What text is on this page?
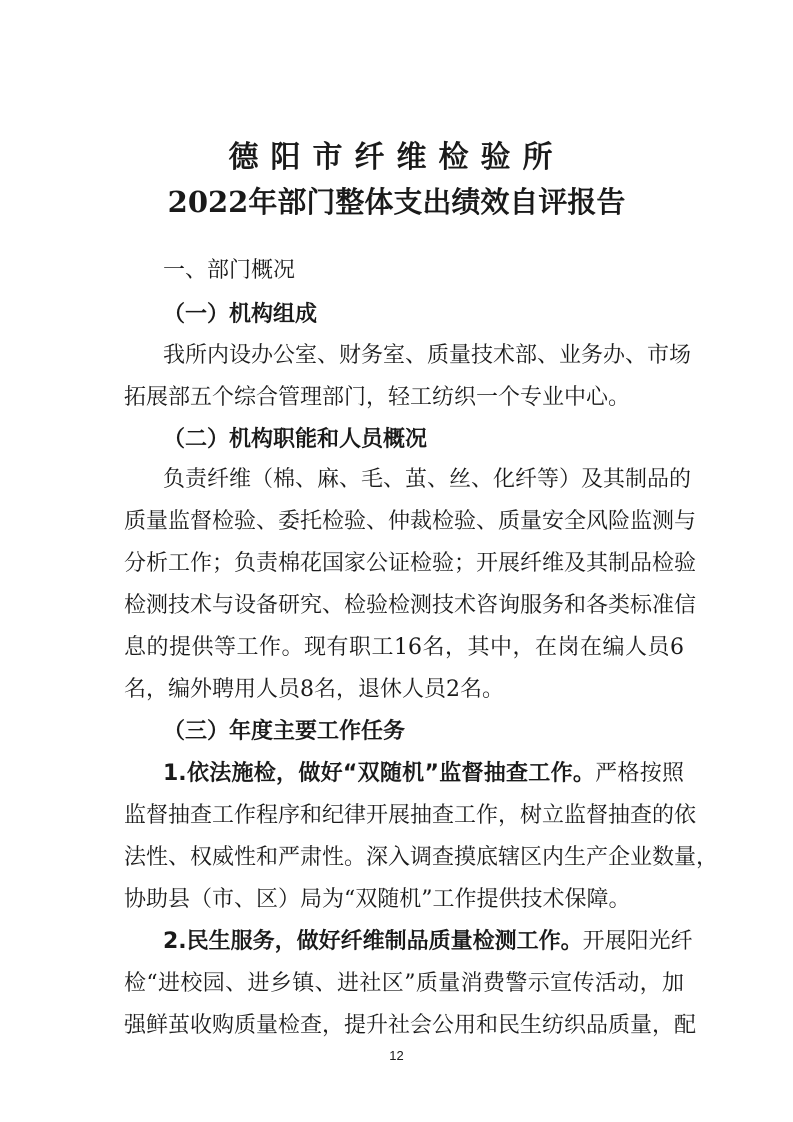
德阳市纤维检验所
2022年部门整体支出绩效自评报告
一、部门概况
（一）机构组成
我所内设办公室、财务室、质量技术部、业务办、市场
拓展部五个综合管理部门，轻工纺织一个专业中心。
（二）机构职能和人员概况
负责纤维（棉、麻、毛、茧、丝、化纤等）及其制品的
质量监督检验、委托检验、仲裁检验、质量安全风险监测与
分析工作；负责棉花国家公证检验；开展纤维及其制品检验
检测技术与设备研究、检验检测技术咨询服务和各类标准信
息的提供等工作。现有职工16名，其中，在岗在编人员6
名，编外聘用人员8名，退休人员2名。
（三）年度主要工作任务
1.依法施检，做好“双随机”监督抽查工作。严格按照
监督抽查工作程序和纪律开展抽查工作，树立监督抽查的依
法性、权威性和严肃性。深入调查摸底辖区内生产企业数量，
协助县（市、区）局为“双随机”工作提供技术保障。
2.民生服务，做好纤维制品质量检测工作。开展阳光纤
检“进校园、进乡镇、进社区”质量消费警示宣传活动，加
强鲜茧收购质量检查，提升社会公用和民生纺织品质量，配
12
